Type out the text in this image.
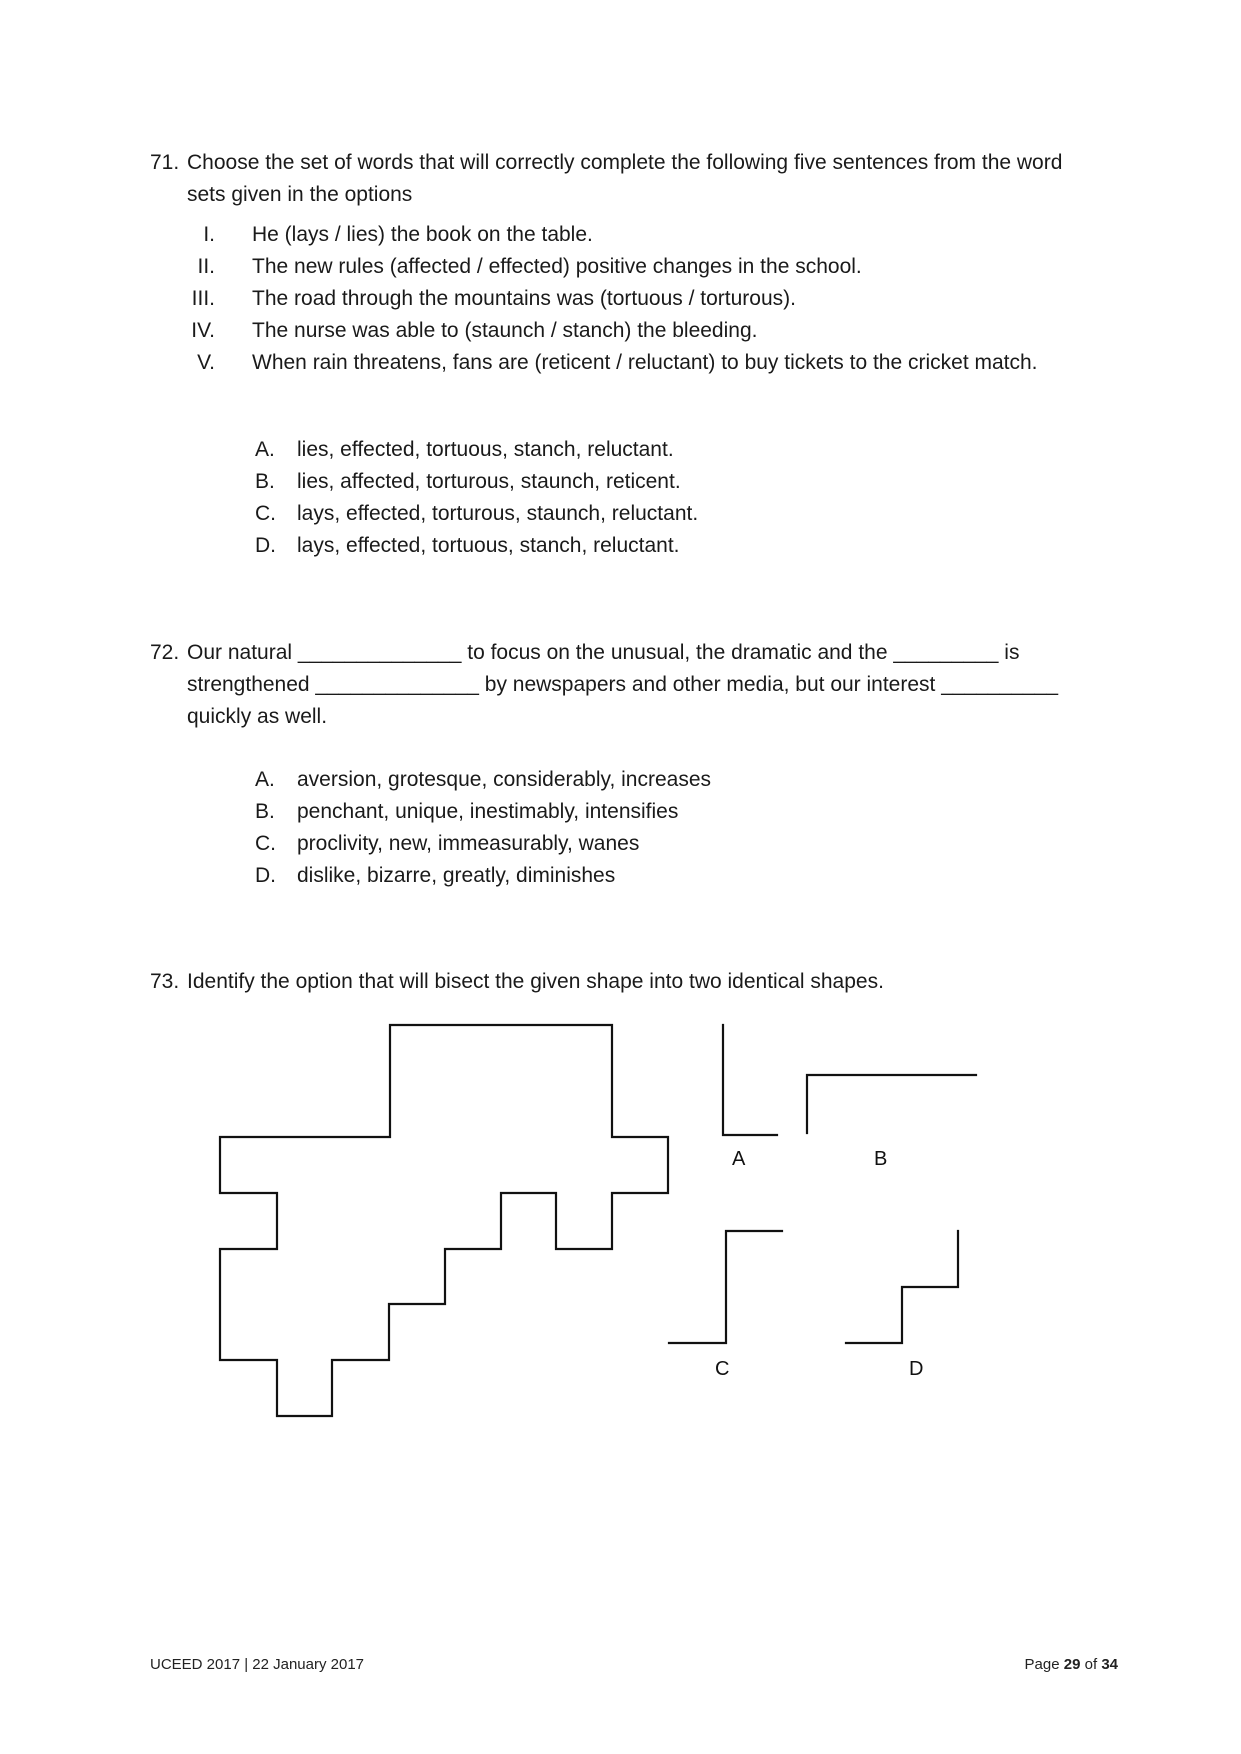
71. Choose the set of words that will correctly complete the following five sentences from the word
sets given in the options
I. He (lays / lies) the book on the table.
II. The new rules (affected / effected) positive changes in the school.
III. The road through the mountains was (tortuous / torturous).
IV. The nurse was able to (staunch / stanch) the bleeding.
V. When rain threatens, fans are (reticent / reluctant) to buy tickets to the cricket match.
A.	lies, effected, tortuous, stanch, reluctant.
B.	lies, affected, torturous, staunch, reticent.
C.	lays, effected, torturous, staunch, reluctant.
D.	lays, effected, tortuous, stanch, reluctant.
72. Our natural ______________ to focus on the unusual, the dramatic and the _________ is
strengthened ______________ by newspapers and other media, but our interest __________
quickly as well.
A.	aversion, grotesque, considerably, increases
B.	penchant, unique, inestimably, intensifies
C.	proclivity, new, immeasurably, wanes
D.	dislike, bizarre, greatly, diminishes
73. Identify the option that will bisect the given shape into two identical shapes.
A	B
C	D
UCEED 2017 | 22 January 2017	Page 29 of 34
